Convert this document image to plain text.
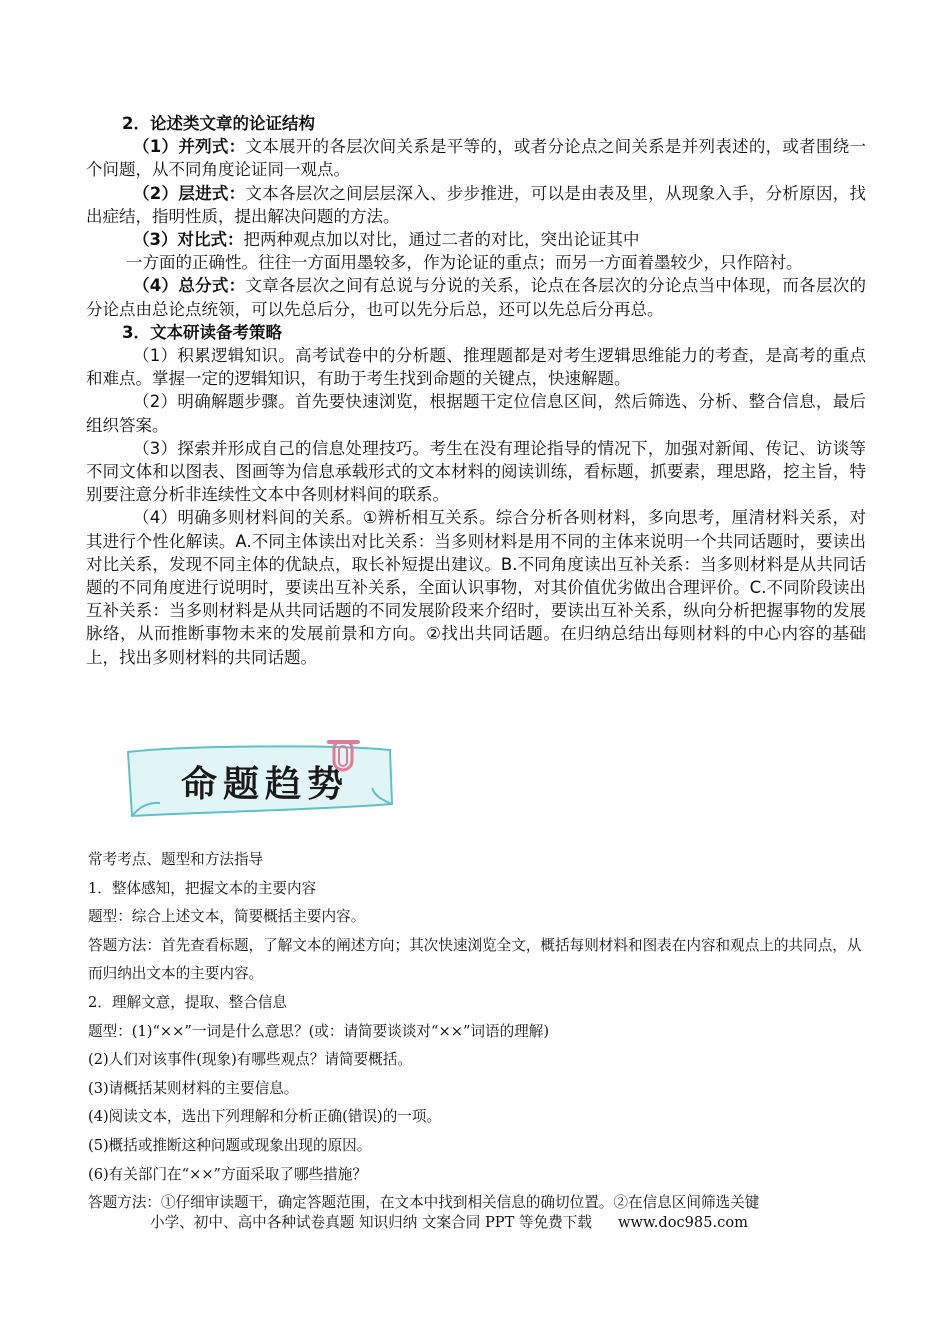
2．论述类文章的论证结构

（1）并列式：文本展开的各层次间关系是平等的，或者分论点之间关系是并列表述的，或者围绕一个问题，从不同角度论证同一观点。

（2）层进式：文本各层次之间层层深入、步步推进，可以是由表及里，从现象入手，分析原因，找出症结，指明性质，提出解决问题的方法。

（3）对比式：把两种观点加以对比，通过二者的对比，突出论证其中

一方面的正确性。往往一方面用墨较多，作为论证的重点；而另一方面着墨较少，只作陪衬。

（4）总分式：文章各层次之间有总说与分说的关系，论点在各层次的分论点当中体现，而各层次的分论点由总论点统领，可以先总后分，也可以先分后总，还可以先总后分再总。

3．文本研读备考策略

（1）积累逻辑知识。高考试卷中的分析题、推理题都是对考生逻辑思维能力的考查，是高考的重点和难点。掌握一定的逻辑知识，有助于考生找到命题的关键点，快速解题。

（2）明确解题步骤。首先要快速浏览，根据题干定位信息区间，然后筛选、分析、整合信息，最后组织答案。

（3）探索并形成自己的信息处理技巧。考生在没有理论指导的情况下，加强对新闻、传记、访谈等不同文体和以图表、图画等为信息承载形式的文本材料的阅读训练，看标题，抓要素，理思路，挖主旨，特别要注意分析非连续性文本中各则材料间的联系。

（4）明确多则材料间的关系。①辨析相互关系。综合分析各则材料，多向思考，厘清材料关系，对其进行个性化解读。A.不同主体读出对比关系：当多则材料是用不同的主体来说明一个共同话题时，要读出对比关系，发现不同主体的优缺点，取长补短提出建议。B.不同角度读出互补关系：当多则材料是从共同话题的不同角度进行说明时，要读出互补关系，全面认识事物，对其价值优劣做出合理评价。C.不同阶段读出互补关系：当多则材料是从共同话题的不同发展阶段来介绍时，要读出互补关系，纵向分析把握事物的发展脉络，从而推断事物未来的发展前景和方向。②找出共同话题。在归纳总结出每则材料的中心内容的基础上，找出多则材料的共同话题。

命题趋势

常考考点、题型和方法指导

1．整体感知，把握文本的主要内容

题型：综合上述文本，简要概括主要内容。

答题方法：首先查看标题，了解文本的阐述方向；其次快速浏览全文，概括每则材料和图表在内容和观点上的共同点，从而归纳出文本的主要内容。

2．理解文意，提取、整合信息

题型：(1)“××”一词是什么意思？(或：请简要谈谈对“××”词语的理解)

(2)人们对该事件(现象)有哪些观点？请简要概括。

(3)请概括某则材料的主要信息。

(4)阅读文本，选出下列理解和分析正确(错误)的一项。

(5)概括或推断这种问题或现象出现的原因。

(6)有关部门在“××”方面采取了哪些措施？

答题方法：①仔细审读题干，确定答题范围，在文本中找到相关信息的确切位置。②在信息区间筛选关键

小学、初中、高中各种试卷真题 知识归纳 文案合同 PPT 等免费下载 www.doc985.com
